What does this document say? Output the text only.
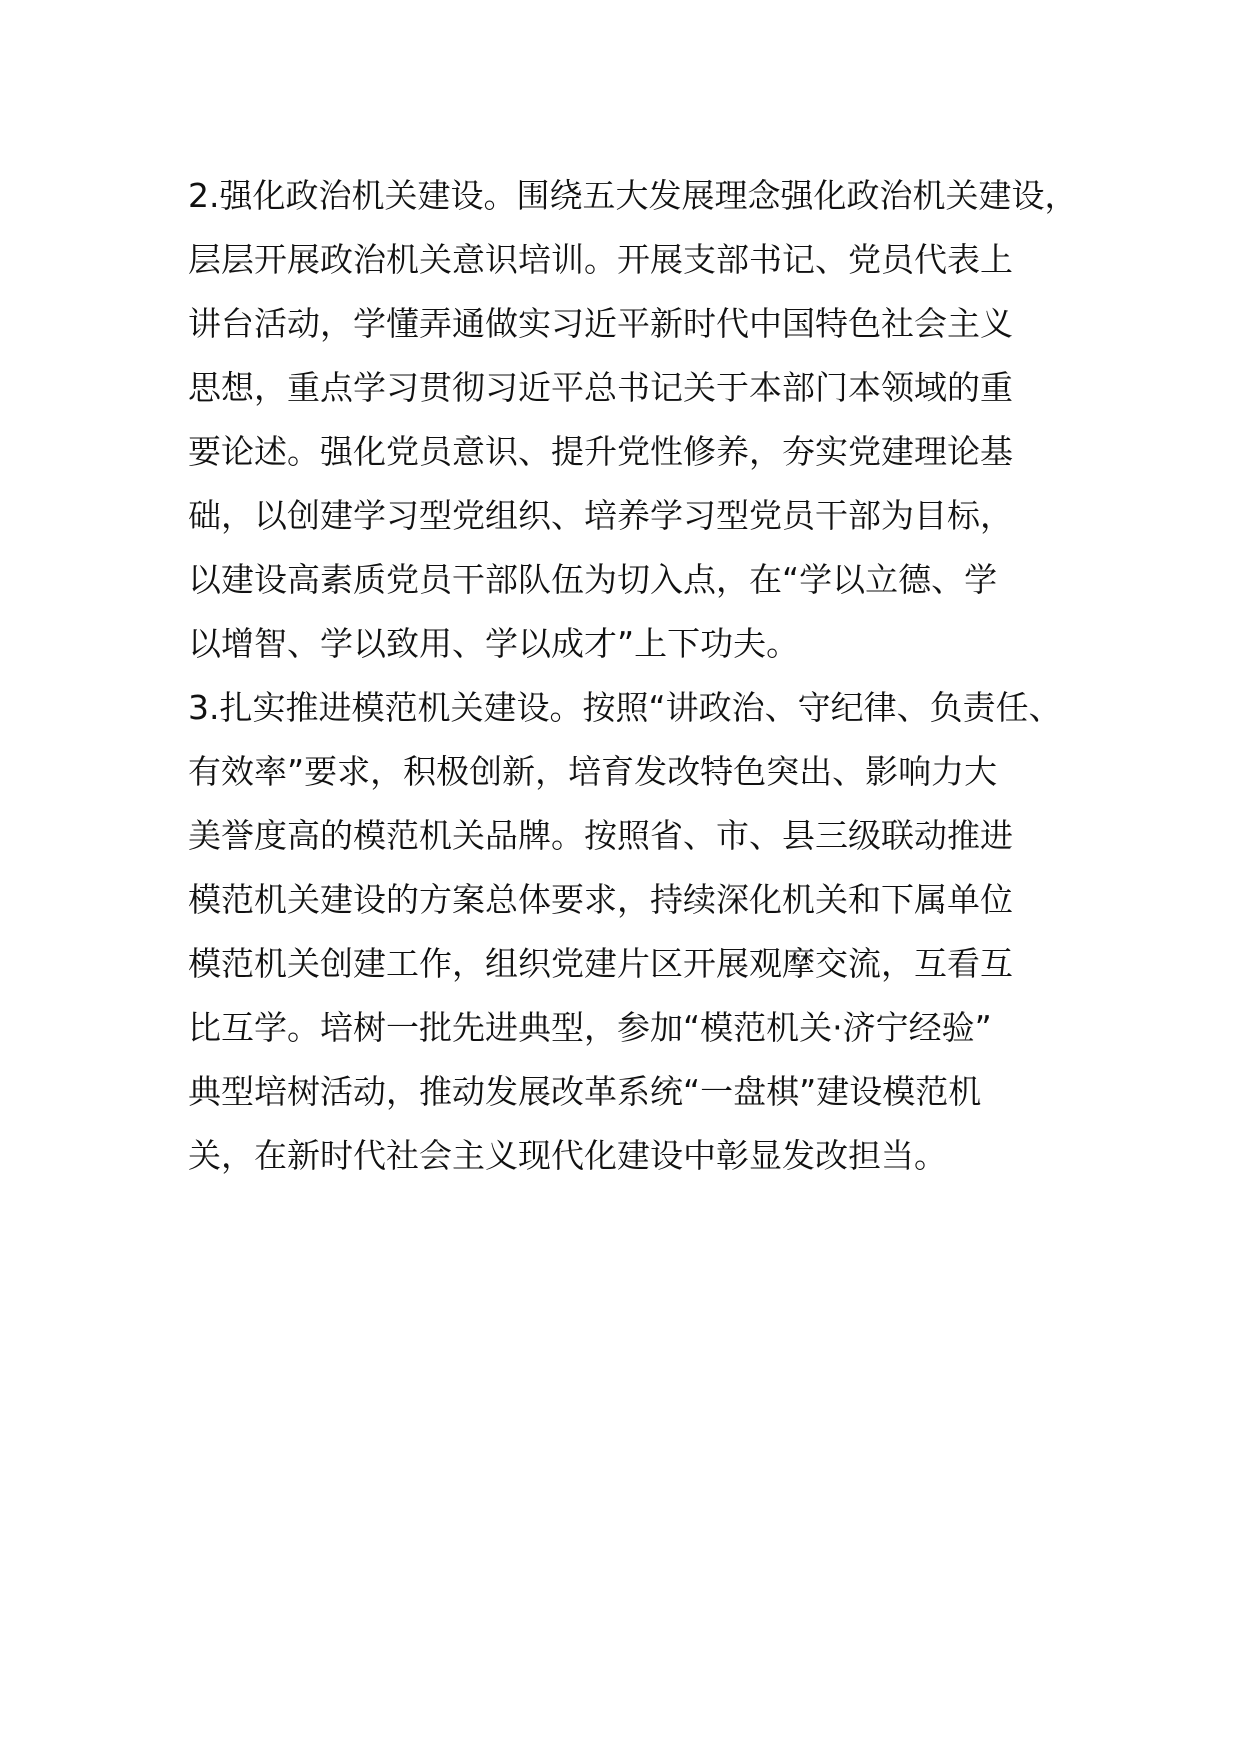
2.强化政治机关建设。围绕五大发展理念强化政治机关建设，
层层开展政治机关意识培训。开展支部书记、党员代表上
讲台活动，学懂弄通做实习近平新时代中国特色社会主义
思想，重点学习贯彻习近平总书记关于本部门本领域的重
要论述。强化党员意识、提升党性修养，夯实党建理论基
础，以创建学习型党组织、培养学习型党员干部为目标，
以建设高素质党员干部队伍为切入点，在“学以立德、学
以增智、学以致用、学以成才”上下功夫。
3.扎实推进模范机关建设。按照“讲政治、守纪律、负责任、
有效率”要求，积极创新，培育发改特色突出、影响力大
美誉度高的模范机关品牌。按照省、市、县三级联动推进
模范机关建设的方案总体要求，持续深化机关和下属单位
模范机关创建工作，组织党建片区开展观摩交流，互看互
比互学。培树一批先进典型，参加“模范机关·济宁经验”
典型培树活动，推动发展改革系统“一盘棋”建设模范机
关，在新时代社会主义现代化建设中彰显发改担当。
